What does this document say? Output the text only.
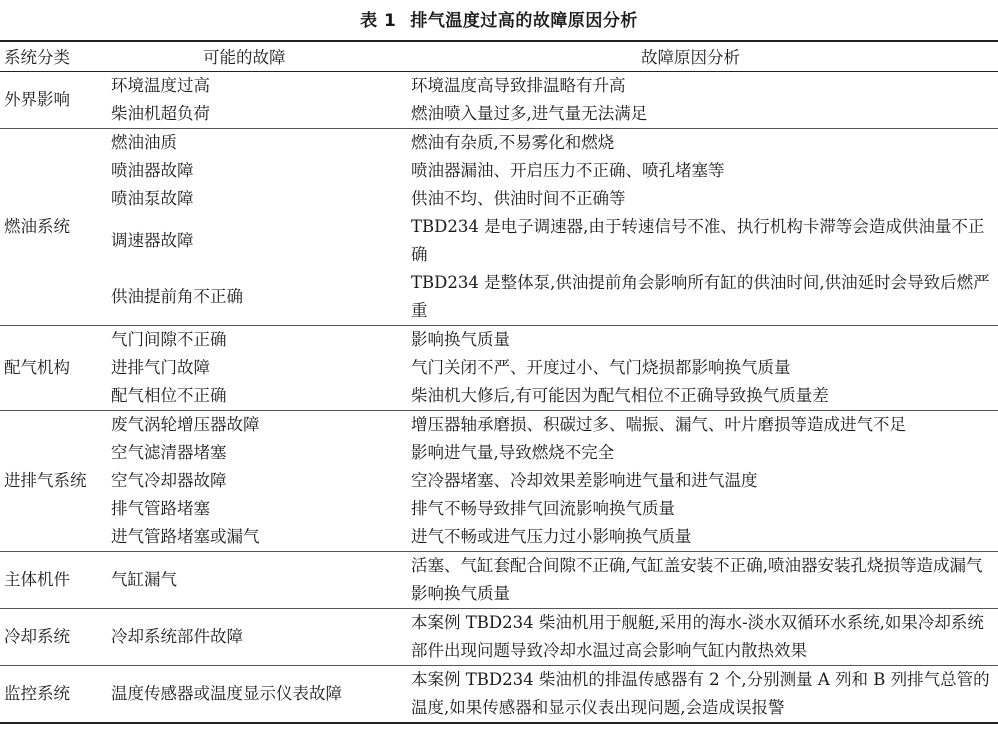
表 1 排气温度过高的故障原因分析
系统分类	可能的故障	故障原因分析
外界影响	环境温度过高	环境温度高导致排温略有升高
	柴油机超负荷	燃油喷入量过多,进气量无法满足
燃油系统	燃油油质	燃油有杂质,不易雾化和燃烧
	喷油器故障	喷油器漏油、开启压力不正确、喷孔堵塞等
	喷油泵故障	供油不均、供油时间不正确等
	调速器故障	TBD234 是电子调速器,由于转速信号不准、执行机构卡滞等会造成供油量不正确
	供油提前角不正确	TBD234 是整体泵,供油提前角会影响所有缸的供油时间,供油延时会导致后燃严重
配气机构	气门间隙不正确	影响换气质量
	进排气门故障	气门关闭不严、开度过小、气门烧损都影响换气质量
	配气相位不正确	柴油机大修后,有可能因为配气相位不正确导致换气质量差
进排气系统	废气涡轮增压器故障	增压器轴承磨损、积碳过多、喘振、漏气、叶片磨损等造成进气不足
	空气滤清器堵塞	影响进气量,导致燃烧不完全
	空气冷却器故障	空冷器堵塞、冷却效果差影响进气量和进气温度
	排气管路堵塞	排气不畅导致排气回流影响换气质量
	进气管路堵塞或漏气	进气不畅或进气压力过小影响换气质量
主体机件	气缸漏气	活塞、气缸套配合间隙不正确,气缸盖安装不正确,喷油器安装孔烧损等造成漏气影响换气质量
冷却系统	冷却系统部件故障	本案例 TBD234 柴油机用于舰艇,采用的海水-淡水双循环水系统,如果冷却系统部件出现问题导致冷却水温过高会影响气缸内散热效果
监控系统	温度传感器或温度显示仪表故障	本案例 TBD234 柴油机的排温传感器有 2 个,分别测量 A 列和 B 列排气总管的温度,如果传感器和显示仪表出现问题,会造成误报警
